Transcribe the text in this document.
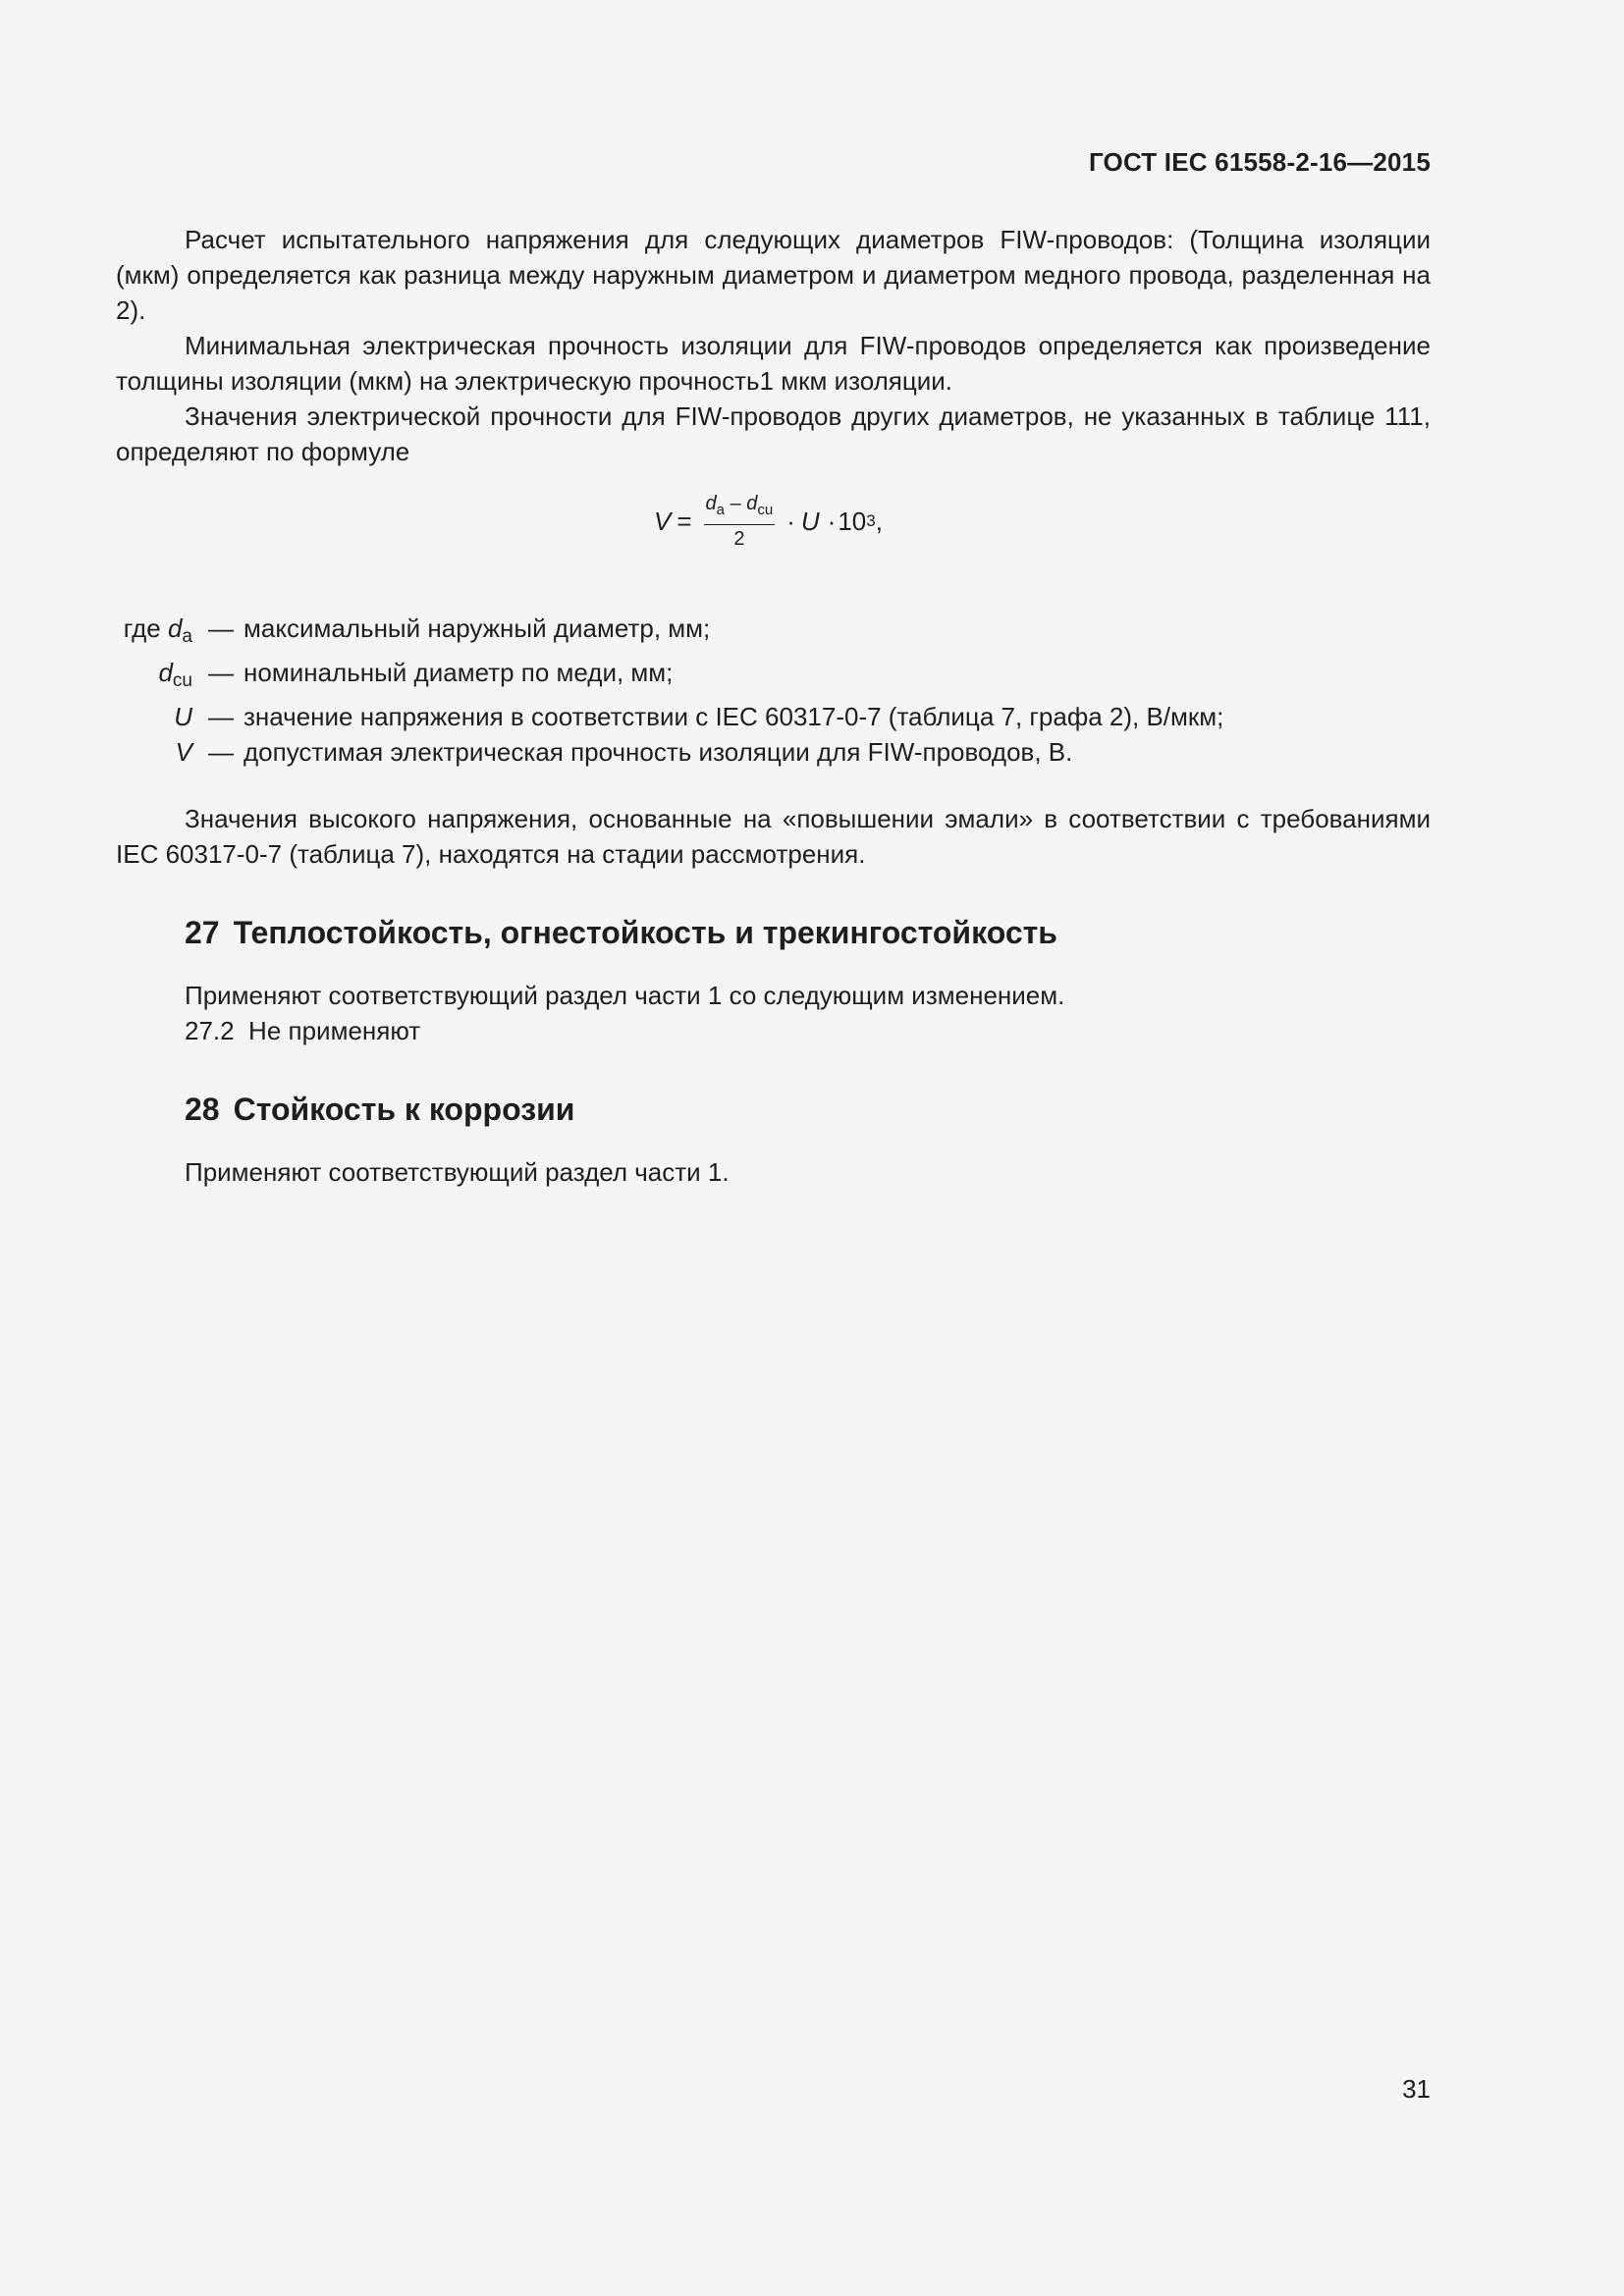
ГОСТ IEC 61558-2-16—2015

Расчет испытательного напряжения для следующих диаметров FIW-проводов: (Толщина изоляции (мкм) определяется как разница между наружным диаметром и диаметром медного провода, разделенная на 2).

Минимальная электрическая прочность изоляции для FIW-проводов определяется как произведение толщины изоляции (мкм) на электрическую прочность1 мкм изоляции.

Значения электрической прочности для FIW-проводов других диаметров, не указанных в таблице 111, определяют по формуле

$V = \frac{d_a - d_{cu}}{2} \cdot U \cdot 10$ 3 ,
где $d_a$ — максимальный наружный диаметр, мм;
$d_{cu}$ — номинальный диаметр по меди, мм;
U — значение напряжения в соответствии с IEC 60317-0-7 (таблица 7, графа 2), В/мкм;
V — допустимая электрическая прочность изоляции для FIW-проводов, В.

Значения высокого напряжения, основанные на «повышении эмали» в соответствии с требованиями IEC 60317-0-7 (таблица 7), находятся на стадии рассмотрения.

27 Теплостойкость, огнестойкость и трекингостойкость

Применяют соответствующий раздел части 1 со следующим изменением.

27.2  Не применяют

28 Стойкость к коррозии

Применяют соответствующий раздел части 1.

31
